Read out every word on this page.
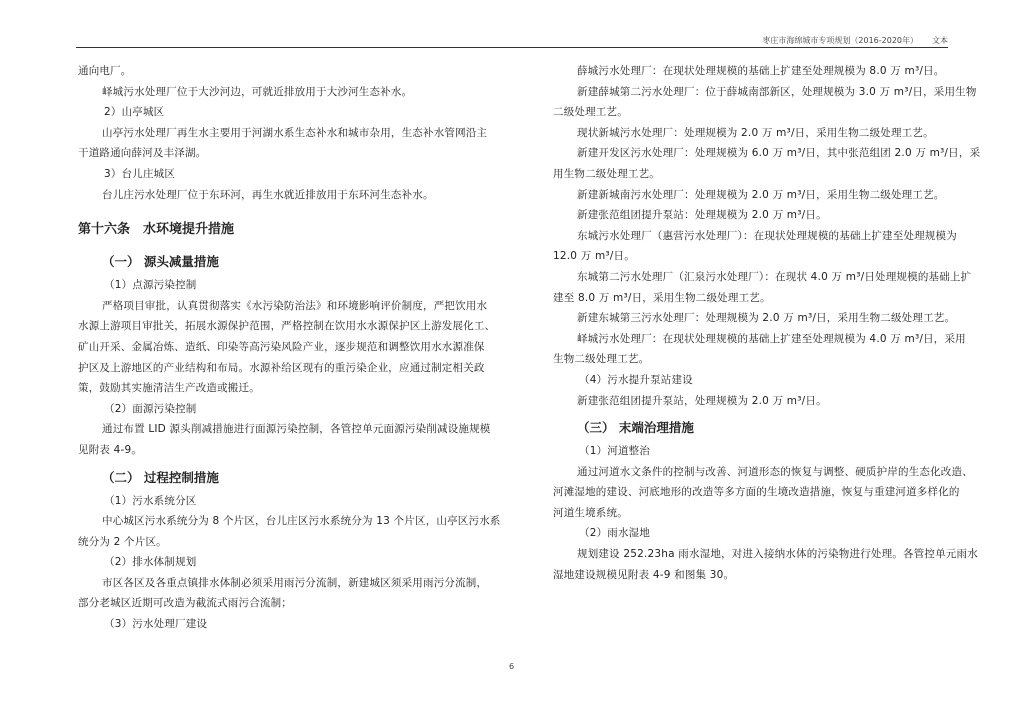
枣庄市海绵城市专项规划（2016-2020年） 文本
通向电厂。
峄城污水处理厂位于大沙河边，可就近排放用于大沙河生态补水。
2）山亭城区
山亭污水处理厂再生水主要用于河湖水系生态补水和城市杂用，生态补水管网沿主
干道路通向薛河及丰泽湖。
3）台儿庄城区
台儿庄污水处理厂位于东环河，再生水就近排放用于东环河生态补水。
第十六条　水环境提升措施
（一） 源头减量措施
（1）点源污染控制
严格项目审批，认真贯彻落实《水污染防治法》和环境影响评价制度，严把饮用水
水源上游项目审批关，拓展水源保护范围，严格控制在饮用水水源保护区上游发展化工、
矿山开采、金属冶炼、造纸、印染等高污染风险产业，逐步规范和调整饮用水水源准保
护区及上游地区的产业结构和布局。水源补给区现有的重污染企业，应通过制定相关政
策，鼓励其实施清洁生产改造或搬迁。
（2）面源污染控制
通过布置 LID 源头削减措施进行面源污染控制，各管控单元面源污染削减设施规模
见附表 4-9。
（二） 过程控制措施
（1）污水系统分区
中心城区污水系统分为 8 个片区，台儿庄区污水系统分为 13 个片区，山亭区污水系
统分为 2 个片区。
（2）排水体制规划
市区各区及各重点镇排水体制必须采用雨污分流制，新建城区须采用雨污分流制，
部分老城区近期可改造为截流式雨污合流制；
（3）污水处理厂建设
薛城污水处理厂：在现状处理规模的基础上扩建至处理规模为 8.0 万 m³/日。
新建薛城第二污水处理厂：位于薛城南部新区，处理规模为 3.0 万 m³/日，采用生物
二级处理工艺。
现状新城污水处理厂：处理规模为 2.0 万 m³/日，采用生物二级处理工艺。
新建开发区污水处理厂：处理规模为 6.0 万 m³/日，其中张范组团 2.0 万 m³/日，采
用生物二级处理工艺。
新建新城南污水处理厂：处理规模为 2.0 万 m³/日，采用生物二级处理工艺。
新建张范组团提升泵站：处理规模为 2.0 万 m³/日。
东城污水处理厂（惠营污水处理厂）：在现状处理规模的基础上扩建至处理规模为
12.0 万 m³/日。
东城第二污水处理厂（汇泉污水处理厂）：在现状 4.0 万 m³/日处理规模的基础上扩
建至 8.0 万 m³/日，采用生物二级处理工艺。
新建东城第三污水处理厂：处理规模为 2.0 万 m³/日，采用生物二级处理工艺。
峄城污水处理厂：在现状处理规模的基础上扩建至处理规模为 4.0 万 m³/日，采用
生物二级处理工艺。
（4）污水提升泵站建设
新建张范组团提升泵站，处理规模为 2.0 万 m³/日。
（三） 末端治理措施
（1）河道整治
通过河道水文条件的控制与改善、河道形态的恢复与调整、硬质护岸的生态化改造、
河滩湿地的建设、河底地形的改造等多方面的生境改造措施，恢复与重建河道多样化的
河道生境系统。
（2）雨水湿地
规划建设 252.23ha 雨水湿地，对进入接纳水体的污染物进行处理。各管控单元雨水
湿地建设规模见附表 4-9 和图集 30。
6
